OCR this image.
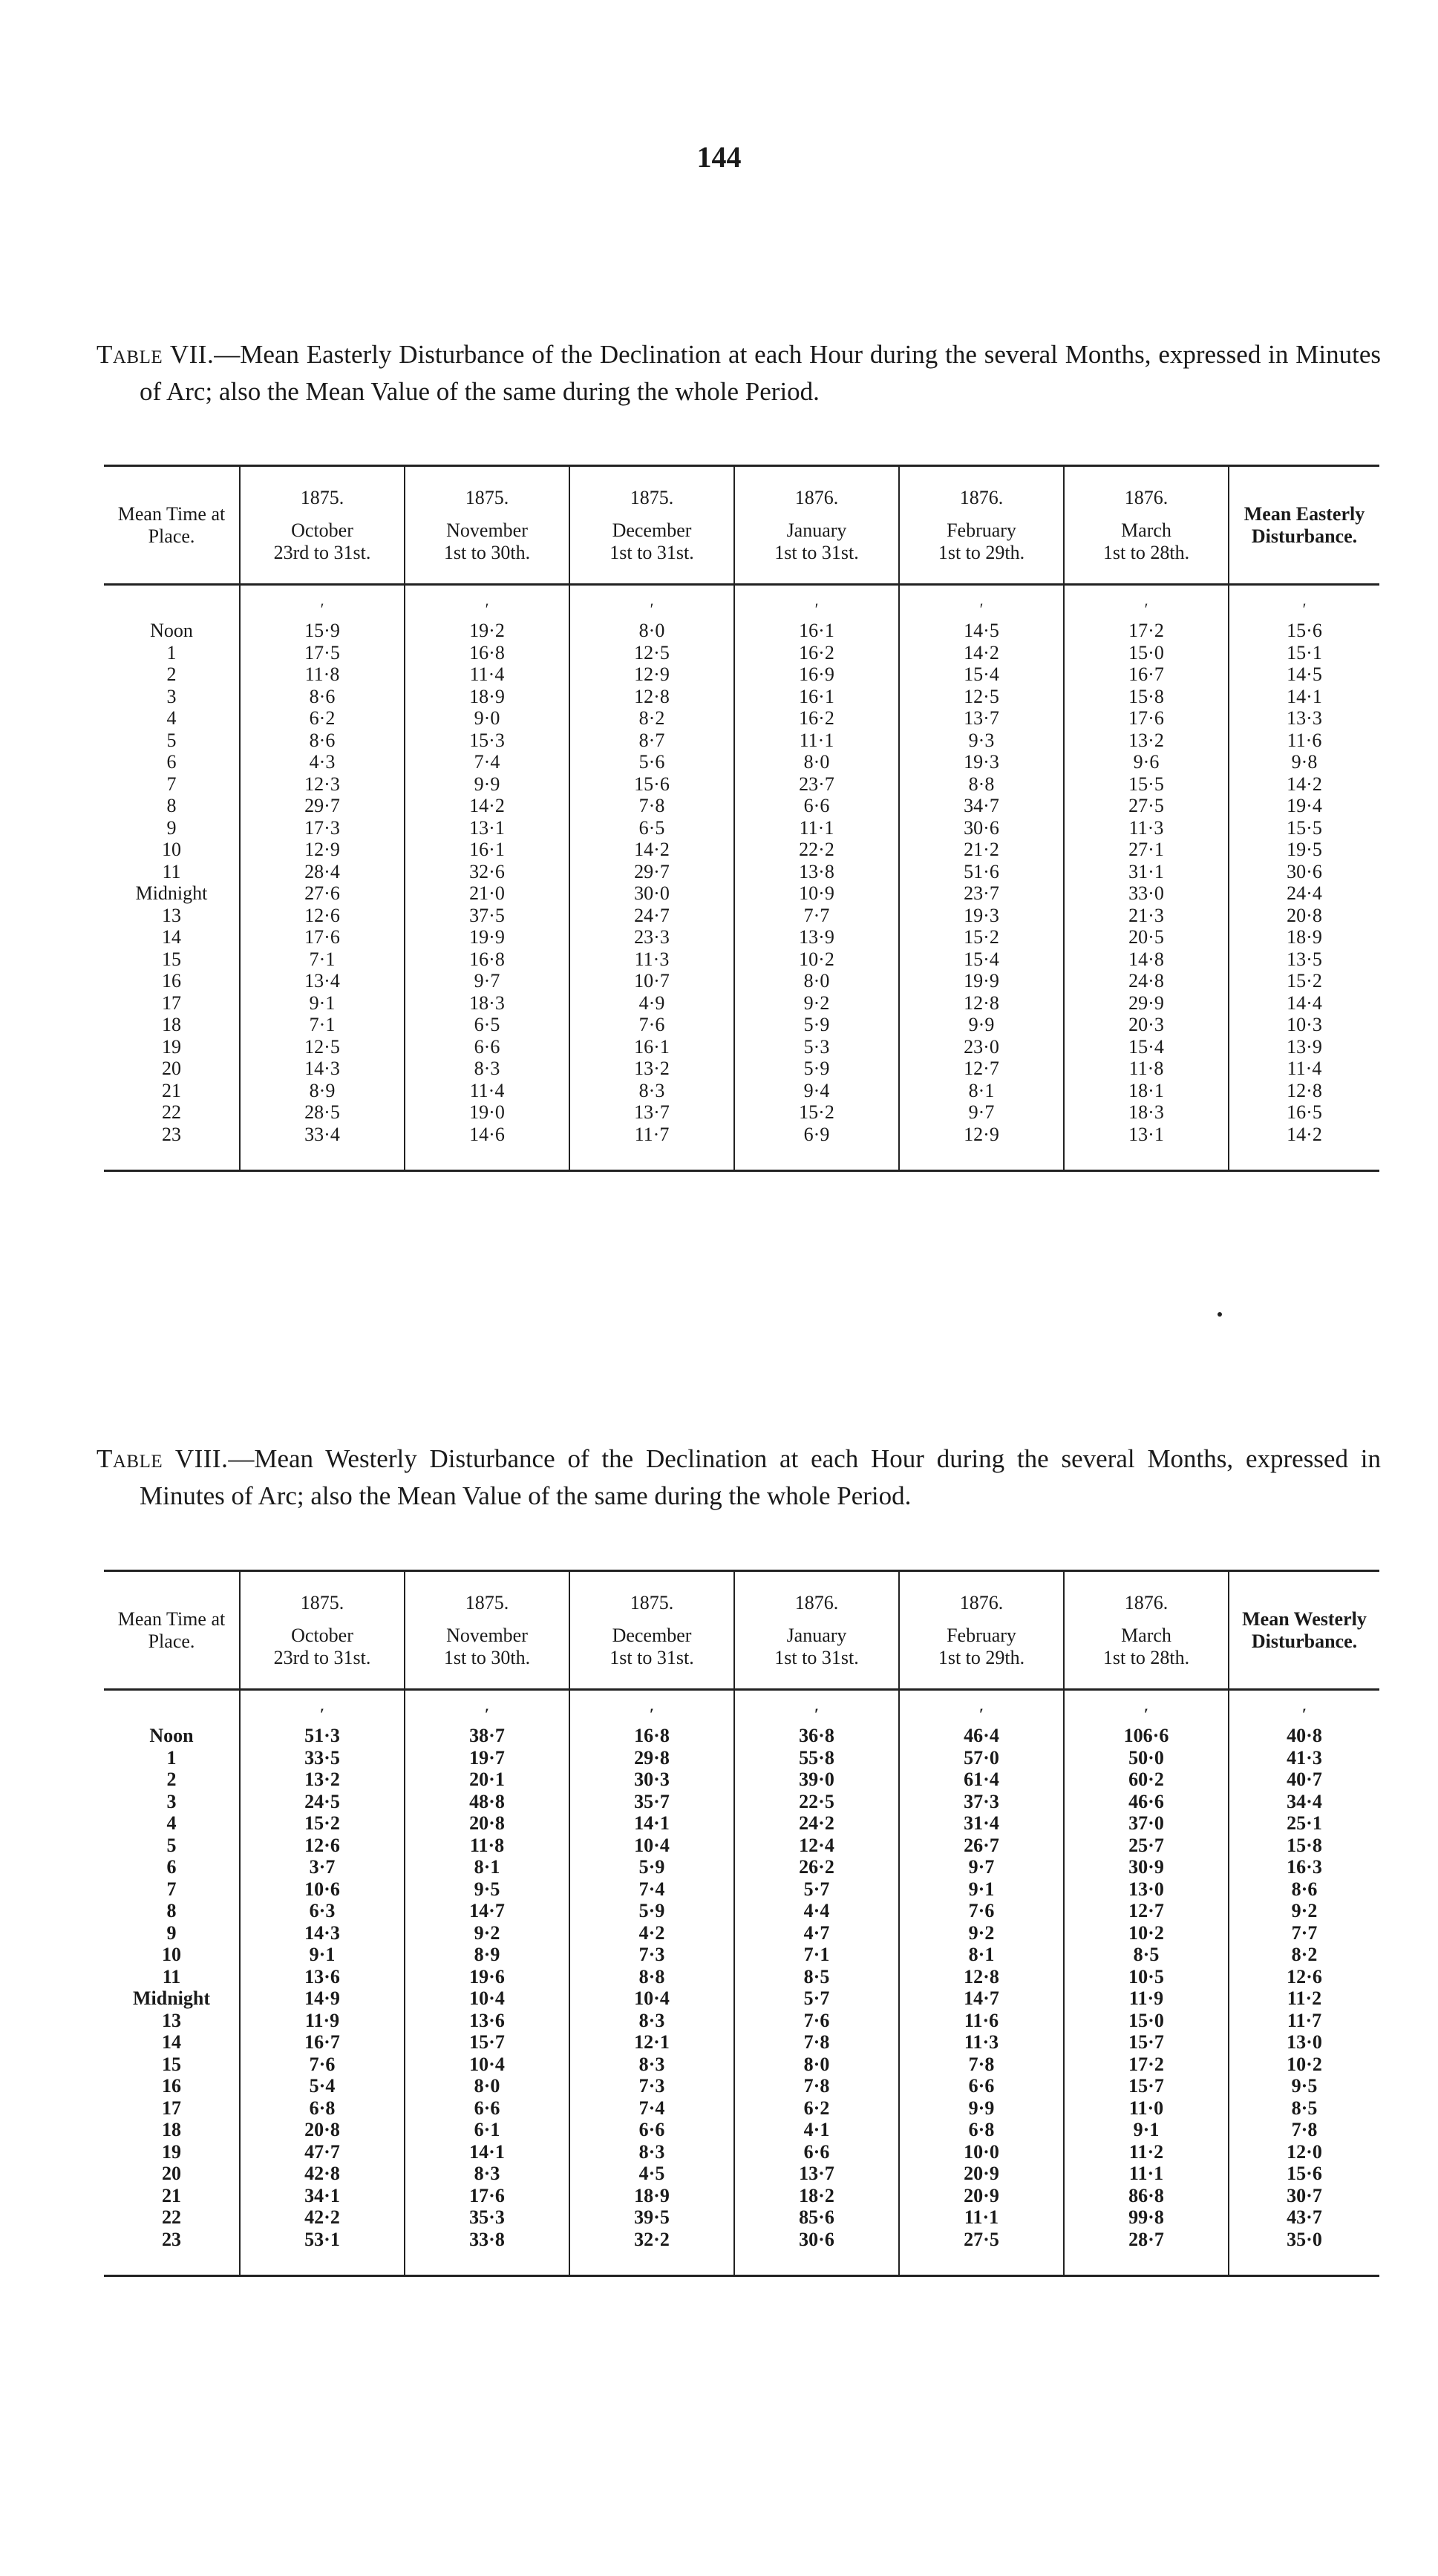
144

Table VII.—Mean Easterly Disturbance of the Declination at each Hour during the several Months, expressed in Minutes of Arc; also the Mean Value of the same during the whole Period.

Mean Time at Place.	1875.
October
23rd to 31st.	1875.
November
1st to 30th.	1875.
December
1st to 31st.	1876.
January
1st to 31st.	1876.
February
1st to 29th.	1876.
March
1st to 28th.	Mean Easterly Disturbance.
	′	′	′	′	′	′	′
Noon	15·9	19·2	8·0	16·1	14·5	17·2	15·6
1	17·5	16·8	12·5	16·2	14·2	15·0	15·1
2	11·8	11·4	12·9	16·9	15·4	16·7	14·5
3	8·6	18·9	12·8	16·1	12·5	15·8	14·1
4	6·2	9·0	8·2	16·2	13·7	17·6	13·3
5	8·6	15·3	8·7	11·1	9·3	13·2	11·6
6	4·3	7·4	5·6	8·0	19·3	9·6	9·8
7	12·3	9·9	15·6	23·7	8·8	15·5	14·2
8	29·7	14·2	7·8	6·6	34·7	27·5	19·4
9	17·3	13·1	6·5	11·1	30·6	11·3	15·5
10	12·9	16·1	14·2	22·2	21·2	27·1	19·5
11	28·4	32·6	29·7	13·8	51·6	31·1	30·6
Midnight	27·6	21·0	30·0	10·9	23·7	33·0	24·4
13	12·6	37·5	24·7	7·7	19·3	21·3	20·8
14	17·6	19·9	23·3	13·9	15·2	20·5	18·9
15	7·1	16·8	11·3	10·2	15·4	14·8	13·5
16	13·4	9·7	10·7	8·0	19·9	24·8	15·2
17	9·1	18·3	4·9	9·2	12·8	29·9	14·4
18	7·1	6·5	7·6	5·9	9·9	20·3	10·3
19	12·5	6·6	16·1	5·3	23·0	15·4	13·9
20	14·3	8·3	13·2	5·9	12·7	11·8	11·4
21	8·9	11·4	8·3	9·4	8·1	18·1	12·8
22	28·5	19·0	13·7	15·2	9·7	18·3	16·5
23	33·4	14·6	11·7	6·9	12·9	13·1	14·2

Table VIII.—Mean Westerly Disturbance of the Declination at each Hour during the several Months, expressed in Minutes of Arc; also the Mean Value of the same during the whole Period.

Mean Time at Place.	1875.
October
23rd to 31st.	1875.
November
1st to 30th.	1875.
December
1st to 31st.	1876.
January
1st to 31st.	1876.
February
1st to 29th.	1876.
March
1st to 28th.	Mean Westerly Disturbance.
	′	′	′	′	′	′	′
Noon	51·3	38·7	16·8	36·8	46·4	106·6	40·8
1	33·5	19·7	29·8	55·8	57·0	50·0	41·3
2	13·2	20·1	30·3	39·0	61·4	60·2	40·7
3	24·5	48·8	35·7	22·5	37·3	46·6	34·4
4	15·2	20·8	14·1	24·2	31·4	37·0	25·1
5	12·6	11·8	10·4	12·4	26·7	25·7	15·8
6	3·7	8·1	5·9	26·2	9·7	30·9	16·3
7	10·6	9·5	7·4	5·7	9·1	13·0	8·6
8	6·3	14·7	5·9	4·4	7·6	12·7	9·2
9	14·3	9·2	4·2	4·7	9·2	10·2	7·7
10	9·1	8·9	7·3	7·1	8·1	8·5	8·2
11	13·6	19·6	8·8	8·5	12·8	10·5	12·6
Midnight	14·9	10·4	10·4	5·7	14·7	11·9	11·2
13	11·9	13·6	8·3	7·6	11·6	15·0	11·7
14	16·7	15·7	12·1	7·8	11·3	15·7	13·0
15	7·6	10·4	8·3	8·0	7·8	17·2	10·2
16	5·4	8·0	7·3	7·8	6·6	15·7	9·5
17	6·8	6·6	7·4	6·2	9·9	11·0	8·5
18	20·8	6·1	6·6	4·1	6·8	9·1	7·8
19	47·7	14·1	8·3	6·6	10·0	11·2	12·0
20	42·8	8·3	4·5	13·7	20·9	11·1	15·6
21	34·1	17·6	18·9	18·2	20·9	86·8	30·7
22	42·2	35·3	39·5	85·6	11·1	99·8	43·7
23	53·1	33·8	32·2	30·6	27·5	28·7	35·0
